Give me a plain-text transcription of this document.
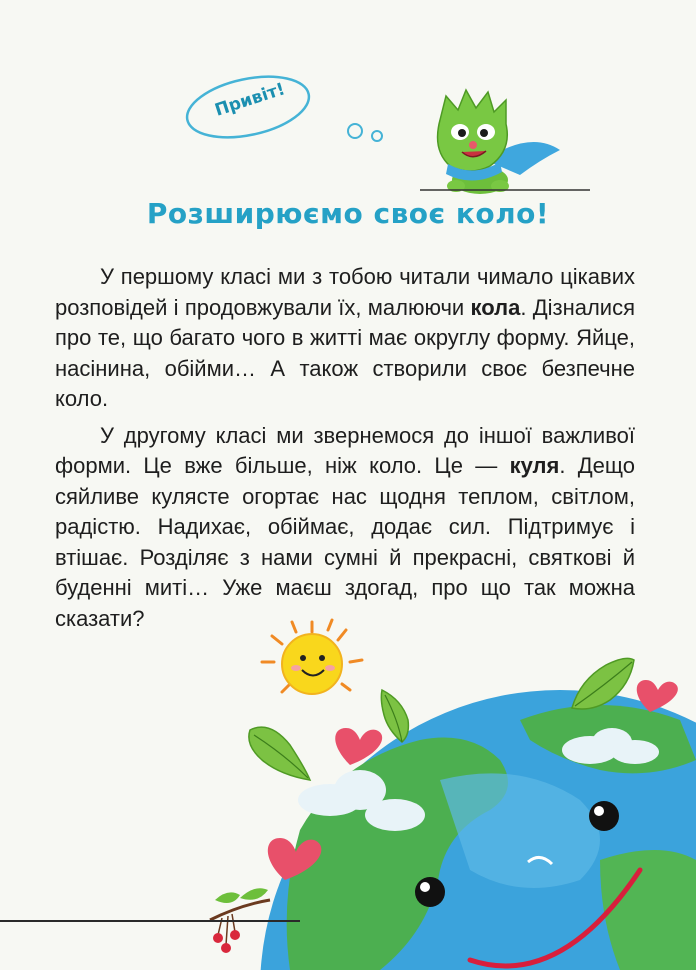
Привіт!
Розширюємо своє коло!

У першому класі ми з тобою читали чимало цікавих розповідей і продовжували їх, малюючи кола. Дізналися про те, що багато чого в житті має округлу форму. Яйце, насінина, обійми… А також створили своє безпечне коло.

У другому класі ми звернемося до іншої важливої форми. Це вже більше, ніж коло. Це — куля. Дещо сяйливе кулясте огортає нас щодня теплом, світлом, радістю. Надихає, обіймає, додає сил. Підтримує і втішає. Розділяє з нами сумні й прекрасні, святкові й буденні миті… Уже маєш здогад, про що так можна сказати?
